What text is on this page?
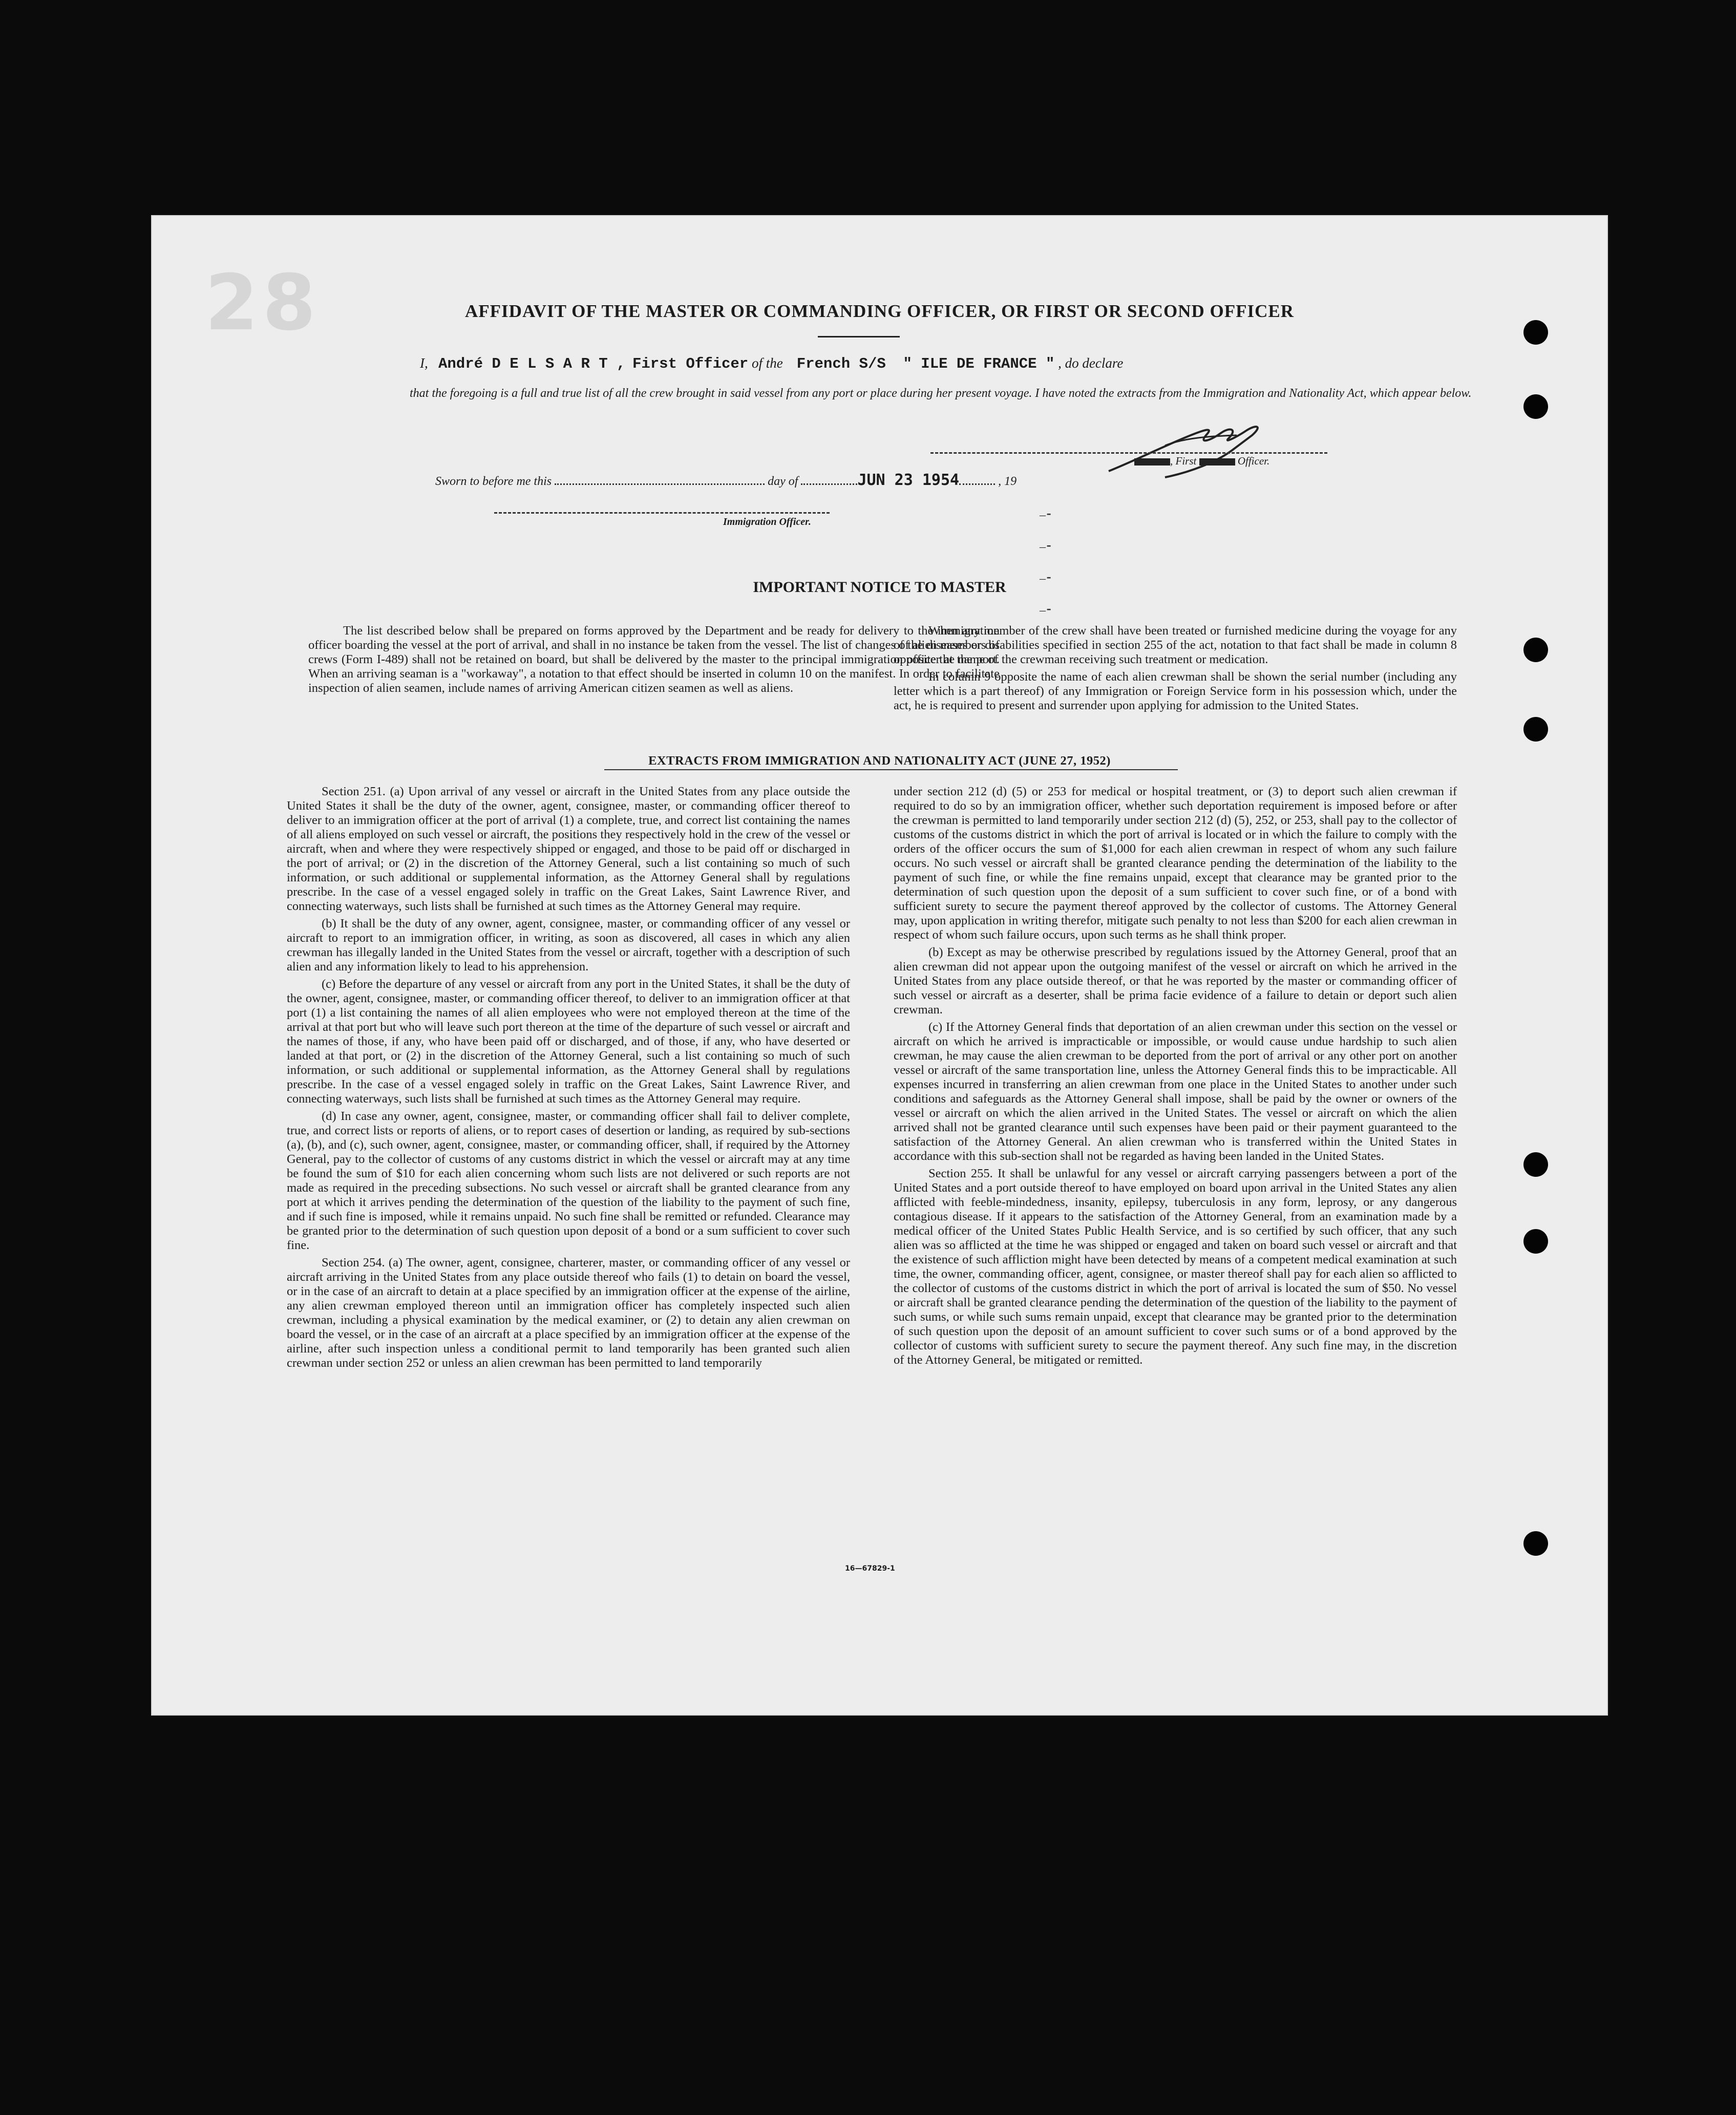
28	AFFIDAVIT OF THE MASTER OR COMMANDING OFFICER, OR FIRST OR SECOND OFFICER
I, André D E L S A R T , First Officer of the French S/S " ILE DE FRANCE " , do declare
that the foregoing is a full and true list of all the crew brought in said vessel from any port or place during her present voyage. I have noted the extracts from the Immigration and Nationality Act, which appear below.
, First	Officer.
Sworn to before me this	day of	JUN 23 1954	, 19
Immigration Officer.	–⁃
–⁃
–⁃
–⁃
IMPORTANT NOTICE TO MASTER

The list described below shall be prepared on forms approved by the Department and be ready for delivery to the immigration officer boarding the vessel at the port of arrival, and shall in no instance be taken from the vessel. The list of changes of alien members of crews (Form I-489) shall not be retained on board, but shall be delivered by the master to the principal immigration officer at the port. When an arriving seaman is a "workaway", a notation to that effect should be inserted in column 10 on the manifest. In order to facilitate inspection of alien seamen, include names of arriving American citizen seamen as well as aliens.

When any member of the crew shall have been treated or furnished medicine during the voyage for any of the diseases or disabilities specified in section 255 of the act, notation to that fact shall be made in column 8 opposite the name of the crewman receiving such treatment or medication.

In column 9 opposite the name of each alien crewman shall be shown the serial number (including any letter which is a part thereof) of any Immigration or Foreign Service form in his possession which, under the act, he is required to present and surrender upon applying for admission to the United States.

EXTRACTS FROM IMMIGRATION AND NATIONALITY ACT (JUNE 27, 1952)

Section 251. (a) Upon arrival of any vessel or aircraft in the United States from any place outside the United States it shall be the duty of the owner, agent, consignee, master, or commanding officer thereof to deliver to an immigration officer at the port of arrival (1) a complete, true, and correct list containing the names of all aliens employed on such vessel or aircraft, the positions they respectively hold in the crew of the vessel or aircraft, when and where they were respectively shipped or engaged, and those to be paid off or discharged in the port of arrival; or (2) in the discretion of the Attorney General, such a list containing so much of such information, or such additional or supplemental information, as the Attorney General shall by regulations prescribe. In the case of a vessel engaged solely in traffic on the Great Lakes, Saint Lawrence River, and connecting waterways, such lists shall be furnished at such times as the Attorney General may require.

(b) It shall be the duty of any owner, agent, consignee, master, or commanding officer of any vessel or aircraft to report to an immigration officer, in writing, as soon as discovered, all cases in which any alien crewman has illegally landed in the United States from the vessel or aircraft, together with a description of such alien and any information likely to lead to his apprehension.

(c) Before the departure of any vessel or aircraft from any port in the United States, it shall be the duty of the owner, agent, consignee, master, or commanding officer thereof, to deliver to an immigration officer at that port (1) a list containing the names of all alien employees who were not employed thereon at the time of the arrival at that port but who will leave such port thereon at the time of the departure of such vessel or aircraft and the names of those, if any, who have been paid off or discharged, and of those, if any, who have deserted or landed at that port, or (2) in the discretion of the Attorney General, such a list containing so much of such information, or such additional or supplemental information, as the Attorney General shall by regulations prescribe. In the case of a vessel engaged solely in traffic on the Great Lakes, Saint Lawrence River, and connecting waterways, such lists shall be furnished at such times as the Attorney General may require.

(d) In case any owner, agent, consignee, master, or commanding officer shall fail to deliver complete, true, and correct lists or reports of aliens, or to report cases of desertion or landing, as required by sub-sections (a), (b), and (c), such owner, agent, consignee, master, or commanding officer, shall, if required by the Attorney General, pay to the collector of customs of any customs district in which the vessel or aircraft may at any time be found the sum of $10 for each alien concerning whom such lists are not delivered or such reports are not made as required in the preceding subsections. No such vessel or aircraft shall be granted clearance from any port at which it arrives pending the determination of the question of the liability to the payment of such fine, and if such fine is imposed, while it remains unpaid. No such fine shall be remitted or refunded. Clearance may be granted prior to the determination of such question upon deposit of a bond or a sum sufficient to cover such fine.

Section 254. (a) The owner, agent, consignee, charterer, master, or commanding officer of any vessel or aircraft arriving in the United States from any place outside thereof who fails (1) to detain on board the vessel, or in the case of an aircraft to detain at a place specified by an immigration officer at the expense of the airline, any alien crewman employed thereon until an immigration officer has completely inspected such alien crewman, including a physical examination by the medical examiner, or (2) to detain any alien crewman on board the vessel, or in the case of an aircraft at a place specified by an immigration officer at the expense of the airline, after such inspection unless a conditional permit to land temporarily has been granted such alien crewman under section 252 or unless an alien crewman has been permitted to land temporarily

under section 212 (d) (5) or 253 for medical or hospital treatment, or (3) to deport such alien crewman if required to do so by an immigration officer, whether such deportation requirement is imposed before or after the crewman is permitted to land temporarily under section 212 (d) (5), 252, or 253, shall pay to the collector of customs of the customs district in which the port of arrival is located or in which the failure to comply with the orders of the officer occurs the sum of $1,000 for each alien crewman in respect of whom any such failure occurs. No such vessel or aircraft shall be granted clearance pending the determination of the liability to the payment of such fine, or while the fine remains unpaid, except that clearance may be granted prior to the determination of such question upon the deposit of a sum sufficient to cover such fine, or of a bond with sufficient surety to secure the payment thereof approved by the collector of customs. The Attorney General may, upon application in writing therefor, mitigate such penalty to not less than $200 for each alien crewman in respect of whom such failure occurs, upon such terms as he shall think proper.

(b) Except as may be otherwise prescribed by regulations issued by the Attorney General, proof that an alien crewman did not appear upon the outgoing manifest of the vessel or aircraft on which he arrived in the United States from any place outside thereof, or that he was reported by the master or commanding officer of such vessel or aircraft as a deserter, shall be prima facie evidence of a failure to detain or deport such alien crewman.

(c) If the Attorney General finds that deportation of an alien crewman under this section on the vessel or aircraft on which he arrived is impracticable or impossible, or would cause undue hardship to such alien crewman, he may cause the alien crewman to be deported from the port of arrival or any other port on another vessel or aircraft of the same transportation line, unless the Attorney General finds this to be impracticable. All expenses incurred in transferring an alien crewman from one place in the United States to another under such conditions and safeguards as the Attorney General shall impose, shall be paid by the owner or owners of the vessel or aircraft on which the alien arrived in the United States. The vessel or aircraft on which the alien arrived shall not be granted clearance until such expenses have been paid or their payment guaranteed to the satisfaction of the Attorney General. An alien crewman who is transferred within the United States in accordance with this sub-section shall not be regarded as having been landed in the United States.

Section 255. It shall be unlawful for any vessel or aircraft carrying passengers between a port of the United States and a port outside thereof to have employed on board upon arrival in the United States any alien afflicted with feeble-mindedness, insanity, epilepsy, tuberculosis in any form, leprosy, or any dangerous contagious disease. If it appears to the satisfaction of the Attorney General, from an examination made by a medical officer of the United States Public Health Service, and is so certified by such officer, that any such alien was so afflicted at the time he was shipped or engaged and taken on board such vessel or aircraft and that the existence of such affliction might have been detected by means of a competent medical examination at such time, the owner, commanding officer, agent, consignee, or master thereof shall pay for each alien so afflicted to the collector of customs of the customs district in which the port of arrival is located the sum of $50. No vessel or aircraft shall be granted clearance pending the determination of the question of the liability to the payment of such sums, or while such sums remain unpaid, except that clearance may be granted prior to the determination of such question upon the deposit of an amount sufficient to cover such sums or of a bond approved by the collector of customs with sufficient surety to secure the payment thereof. Any such fine may, in the discretion of the Attorney General, be mitigated or remitted.

16—67829-1
